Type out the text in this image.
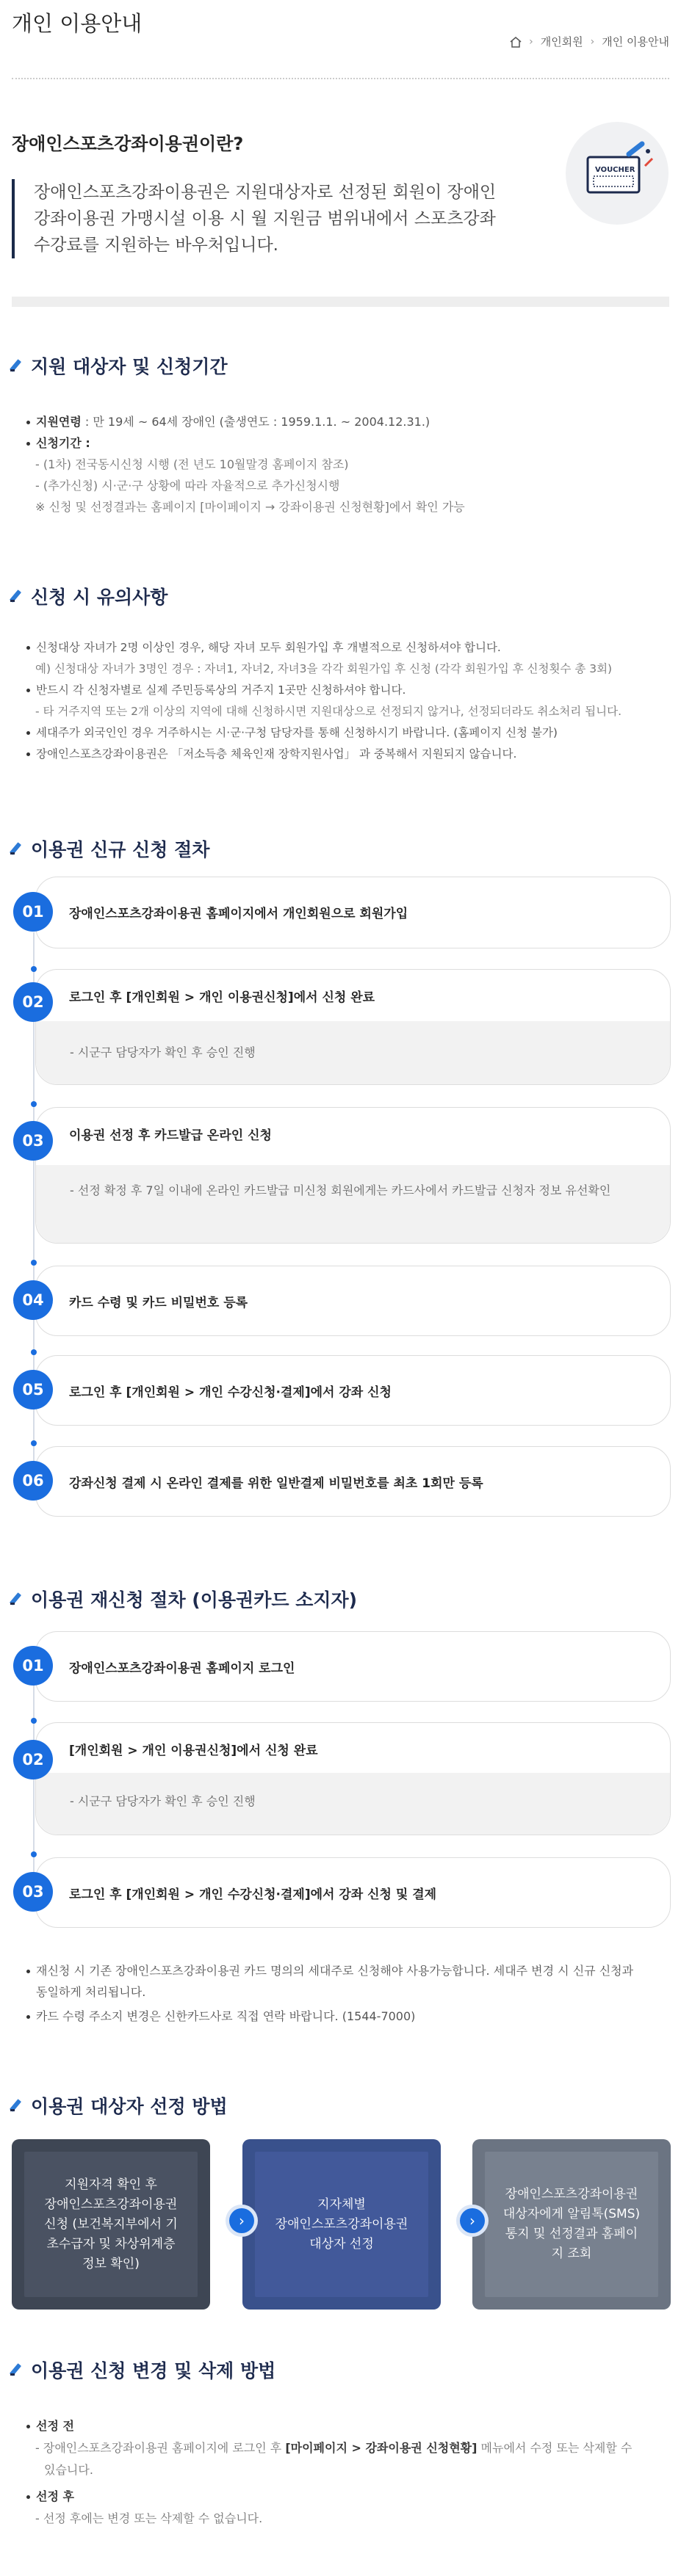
개인 이용안내
› 개인회원 › 개인 이용안내
장애인스포츠강좌이용권이란?
장애인스포츠강좌이용권은 지원대상자로 선정된 회원이 장애인
강좌이용권 가맹시설 이용 시 월 지원금 범위내에서 스포츠강좌
수강료를 지원하는 바우처입니다.
VOUCHER
지원 대상자 및 신청기간
지원연령 : 만 19세 ~ 64세 장애인 (출생연도 : 1959.1.1. ~ 2004.12.31.)
신청기간 :
- (1차) 전국동시신청 시행 (전 년도 10월말경 홈페이지 참조)
- (추가신청) 시·군·구 상황에 따라 자율적으로 추가신청시행
※ 신청 및 선정결과는 홈페이지 [마이페이지 → 강좌이용권 신청현황]에서 확인 가능
신청 시 유의사항
신청대상 자녀가 2명 이상인 경우, 해당 자녀 모두 회원가입 후 개별적으로 신청하셔야 합니다.
예) 신청대상 자녀가 3명인 경우 : 자녀1, 자녀2, 자녀3을 각각 회원가입 후 신청 (각각 회원가입 후 신청횟수 총 3회)
반드시 각 신청자별로 실제 주민등록상의 거주지 1곳만 신청하셔야 합니다.
- 타 거주지역 또는 2개 이상의 지역에 대해 신청하시면 지원대상으로 선정되지 않거나, 선정되더라도 취소처리 됩니다.
세대주가 외국인인 경우 거주하시는 시·군·구청 담당자를 통해 신청하시기 바랍니다. (홈페이지 신청 불가)
장애인스포츠강좌이용권은 「저소득층 체육인재 장학지원사업」 과 중복해서 지원되지 않습니다.
이용권 신규 신청 절차
장애인스포츠강좌이용권 홈페이지에서 개인회원으로 회원가입
01
- 시군구 담당자가 확인 후 승인 진행
로그인 후 [개인회원 > 개인 이용권신청]에서 신청 완료
02
- 선정 확정 후 7일 이내에 온라인 카드발급 미신청 회원에게는 카드사에서 카드발급 신청자 정보 유선확인
이용권 선정 후 카드발급 온라인 신청
03
카드 수령 및 카드 비밀번호 등록
04
로그인 후 [개인회원 > 개인 수강신청·결제]에서 강좌 신청
05
강좌신청 결제 시 온라인 결제를 위한 일반결제 비밀번호를 최초 1회만 등록
06
이용권 재신청 절차 (이용권카드 소지자)
장애인스포츠강좌이용권 홈페이지 로그인
01
- 시군구 담당자가 확인 후 승인 진행
[개인회원 > 개인 이용권신청]에서 신청 완료
02
로그인 후 [개인회원 > 개인 수강신청·결제]에서 강좌 신청 및 결제
03
재신청 시 기존 장애인스포츠강좌이용권 카드 명의의 세대주로 신청해야 사용가능합니다. 세대주 변경 시 신규 신청과
동일하게 처리됩니다.
카드 수령 주소지 변경은 신한카드사로 직접 연락 바랍니다. (1544-7000)
이용권 대상자 선정 방법
지원자격 확인 후
장애인스포츠강좌이용권
신청 (보건복지부에서 기
초수급자 및 차상위계층
정보 확인)
지자체별
장애인스포츠강좌이용권
대상자 선정
장애인스포츠강좌이용권
대상자에게 알림톡(SMS)
통지 및 선정결과 홈페이
지 조회
›	›
이용권 신청 변경 및 삭제 방법
선정 전
- 장애인스포츠강좌이용권 홈페이지에 로그인 후 [마이페이지 > 강좌이용권 신청현황] 메뉴에서 수정 또는 삭제할 수
있습니다.
선정 후
- 선정 후에는 변경 또는 삭제할 수 없습니다.
